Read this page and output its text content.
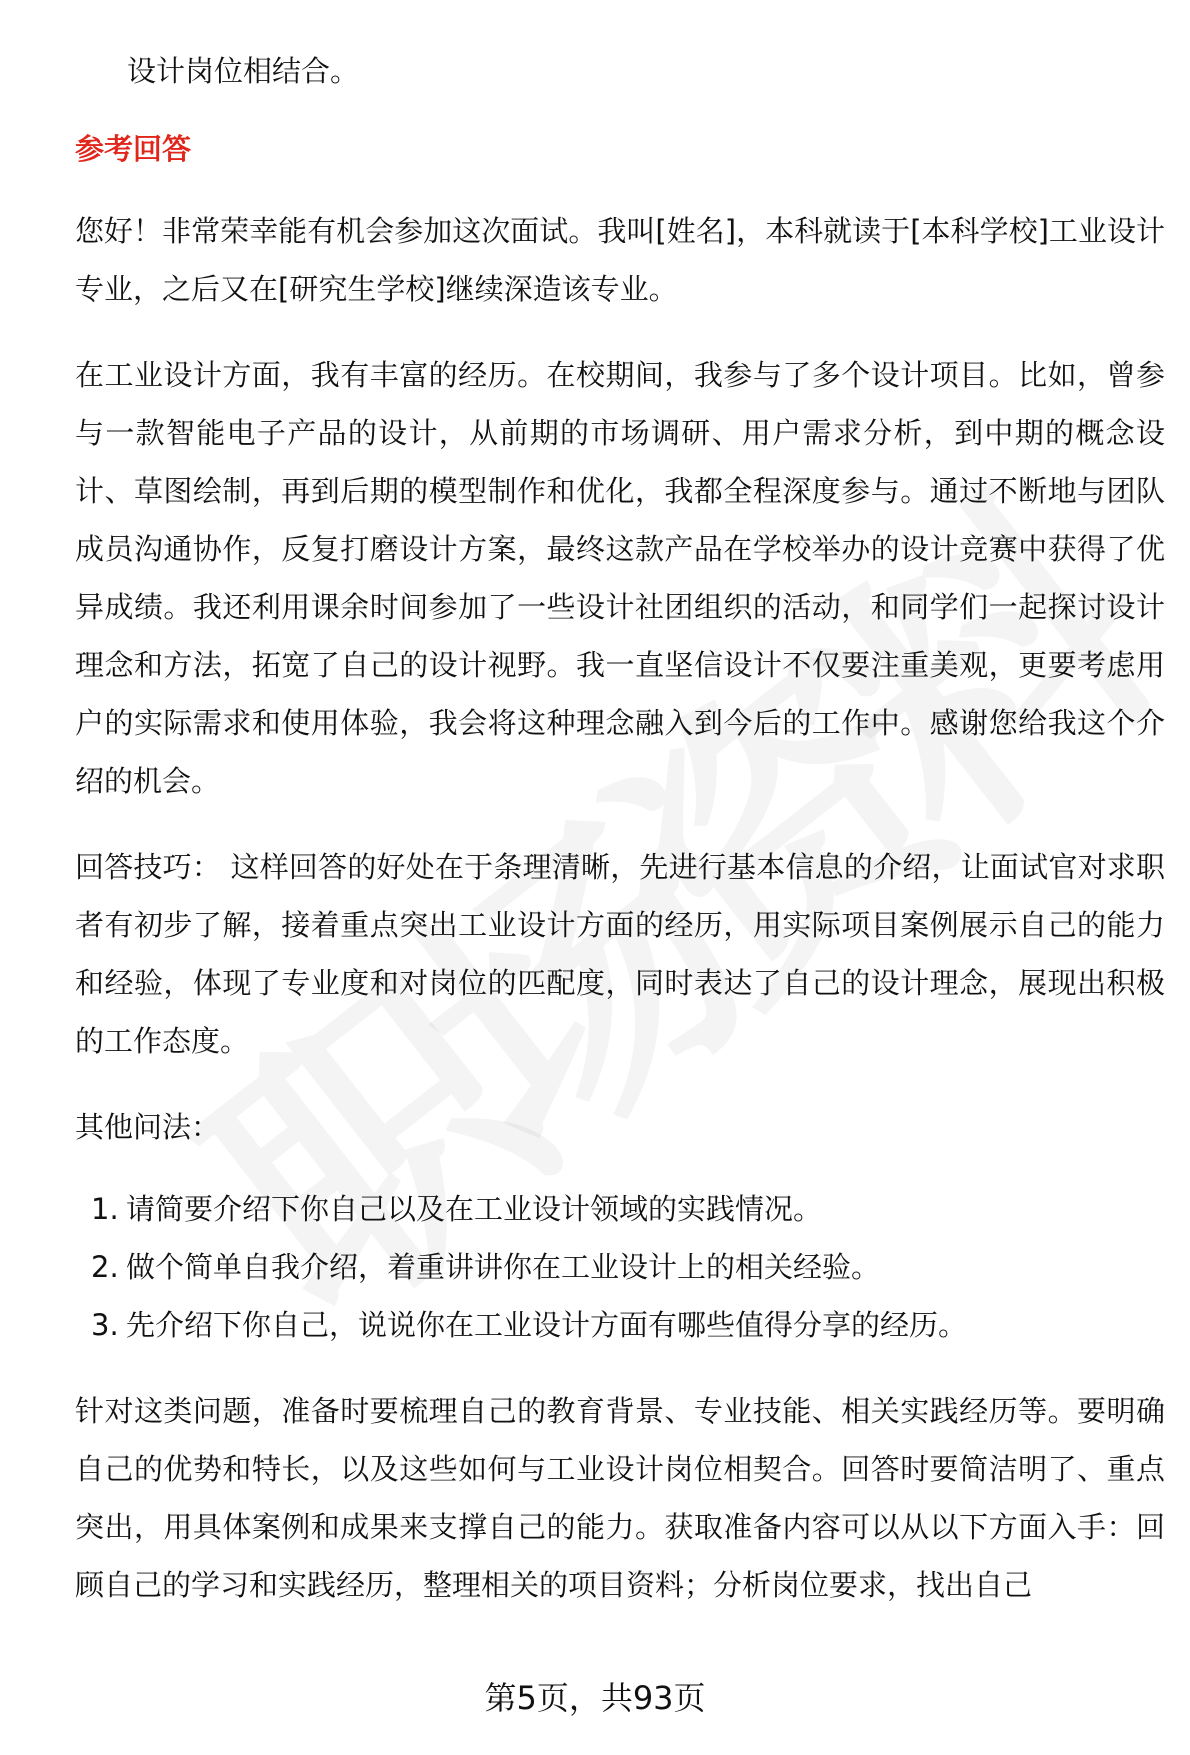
设计岗位相结合。

参考回答

您好！非常荣幸能有机会参加这次面试。我叫[姓名]，本科就读于[本科学校]工业设计专业，之后又在[研究生学校]继续深造该专业。

在工业设计方面，我有丰富的经历。在校期间，我参与了多个设计项目。比如，曾参与一款智能电子产品的设计，从前期的市场调研、用户需求分析，到中期的概念设计、草图绘制，再到后期的模型制作和优化，我都全程深度参与。通过不断地与团队成员沟通协作，反复打磨设计方案，最终这款产品在学校举办的设计竞赛中获得了优异成绩。我还利用课余时间参加了一些设计社团组织的活动，和同学们一起探讨设计理念和方法，拓宽了自己的设计视野。我一直坚信设计不仅要注重美观，更要考虑用户的实际需求和使用体验，我会将这种理念融入到今后的工作中。感谢您给我这个介绍的机会。

回答技巧： 这样回答的好处在于条理清晰，先进行基本信息的介绍，让面试官对求职者有初步了解，接着重点突出工业设计方面的经历，用实际项目案例展示自己的能力和经验，体现了专业度和对岗位的匹配度，同时表达了自己的设计理念，展现出积极的工作态度。

其他问法：

1. 请简要介绍下你自己以及在工业设计领域的实践情况。
2. 做个简单自我介绍，着重讲讲你在工业设计上的相关经验。
3. 先介绍下你自己，说说你在工业设计方面有哪些值得分享的经历。

针对这类问题，准备时要梳理自己的教育背景、专业技能、相关实践经历等。要明确自己的优势和特长，以及这些如何与工业设计岗位相契合。回答时要简洁明了、重点突出，用具体案例和成果来支撑自己的能力。获取准备内容可以从以下方面入手：回顾自己的学习和实践经历，整理相关的项目资料；分析岗位要求，找出自己

第5页，共93页
